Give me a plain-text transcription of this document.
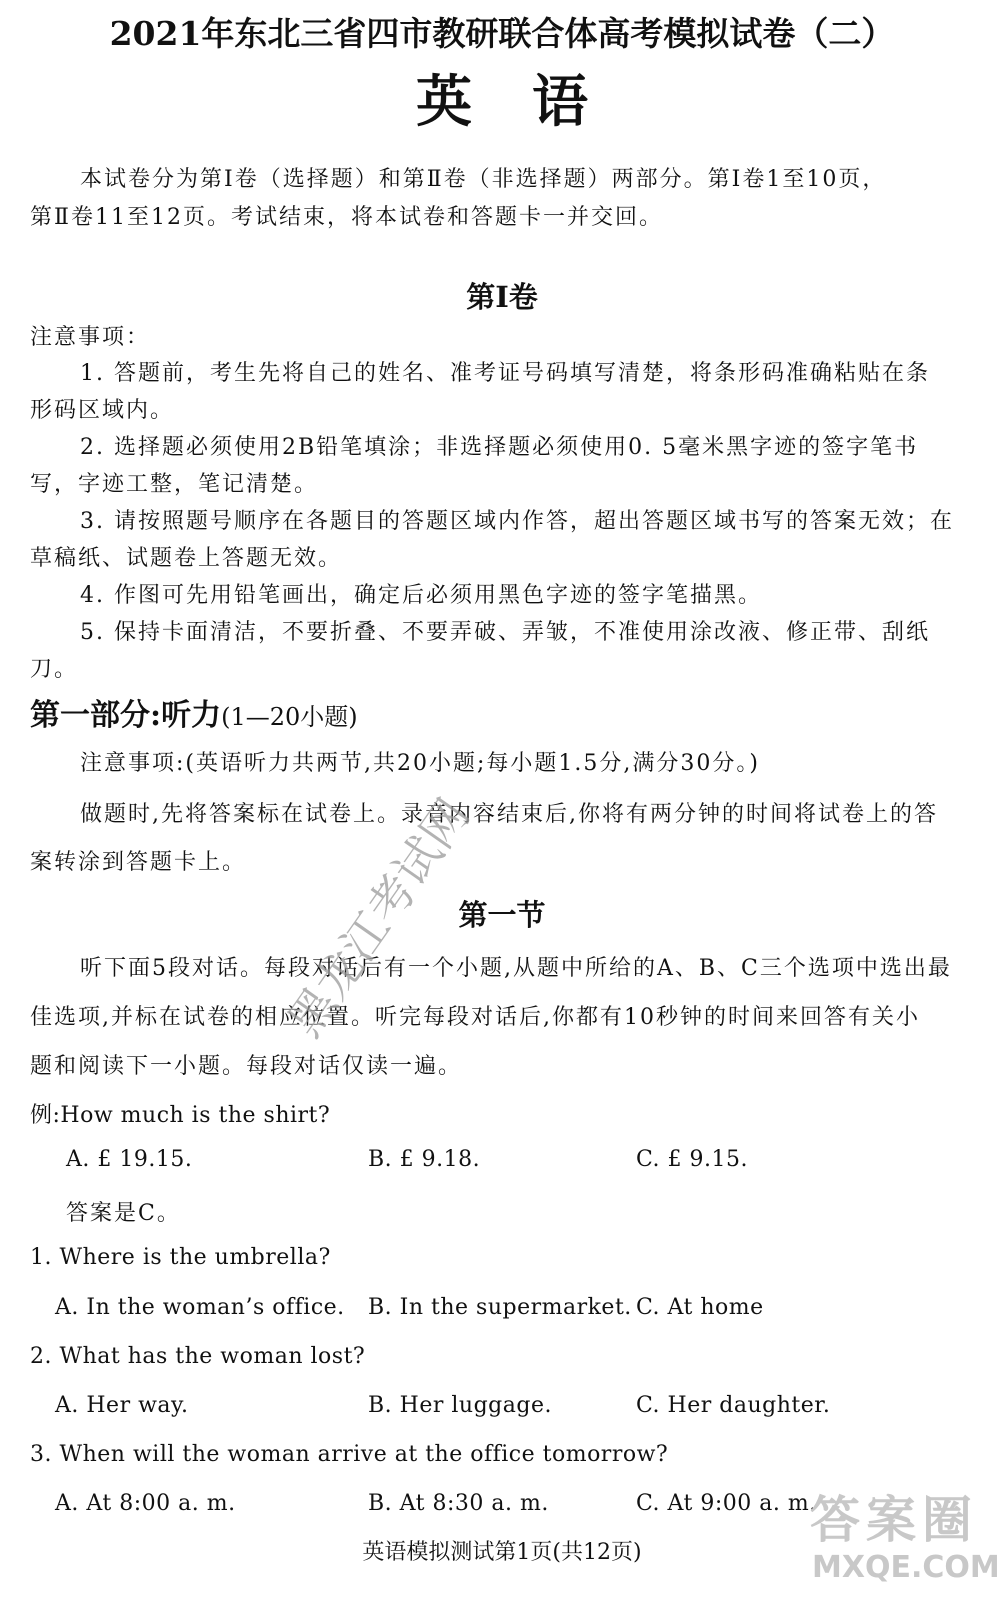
2021年东北三省四市教研联合体高考模拟试卷（二）
英语
本试卷分为第Ⅰ卷（选择题）和第Ⅱ卷（非选择题）两部分。第Ⅰ卷1至10页，
第Ⅱ卷11至12页。考试结束，将本试卷和答题卡一并交回。
第Ⅰ卷
注意事项：
1. 答题前，考生先将自己的姓名、准考证号码填写清楚，将条形码准确粘贴在条
形码区域内。
2. 选择题必须使用2B铅笔填涂；非选择题必须使用0. 5毫米黑字迹的签字笔书
写，字迹工整，笔记清楚。
3. 请按照题号顺序在各题目的答题区域内作答，超出答题区域书写的答案无效；在
草稿纸、试题卷上答题无效。
4. 作图可先用铅笔画出，确定后必须用黑色字迹的签字笔描黑。
5. 保持卡面清洁，不要折叠、不要弄破、弄皱，不准使用涂改液、修正带、刮纸
刀。
第一部分:听力(1—20小题)
注意事项:(英语听力共两节,共20小题;每小题1.5分,满分30分。)
做题时,先将答案标在试卷上。录音内容结束后,你将有两分钟的时间将试卷上的答
案转涂到答题卡上。
第一节
听下面5段对话。每段对话后有一个小题,从题中所给的A、B、C三个选项中选出最
佳选项,并标在试卷的相应位置。听完每段对话后,你都有10秒钟的时间来回答有关小
题和阅读下一小题。每段对话仅读一遍。
例:How much is the shirt?
A. £ 19.15.	B. £ 9.18.	C. £ 9.15.
答案是C。
1. Where is the umbrella?
A. In the woman’s office. B. In the supermarket. C. At home
2. What has the woman lost?
A. Her way.	B. Her luggage.	C. Her daughter.
3. When will the woman arrive at the office tomorrow?
A. At 8:00 a. m.	B. At 8:30 a. m.	C. At 9:00 a. m.
黑龙江考试网
英语模拟测试第1页(共12页)
答案圈
MXQE.COM
